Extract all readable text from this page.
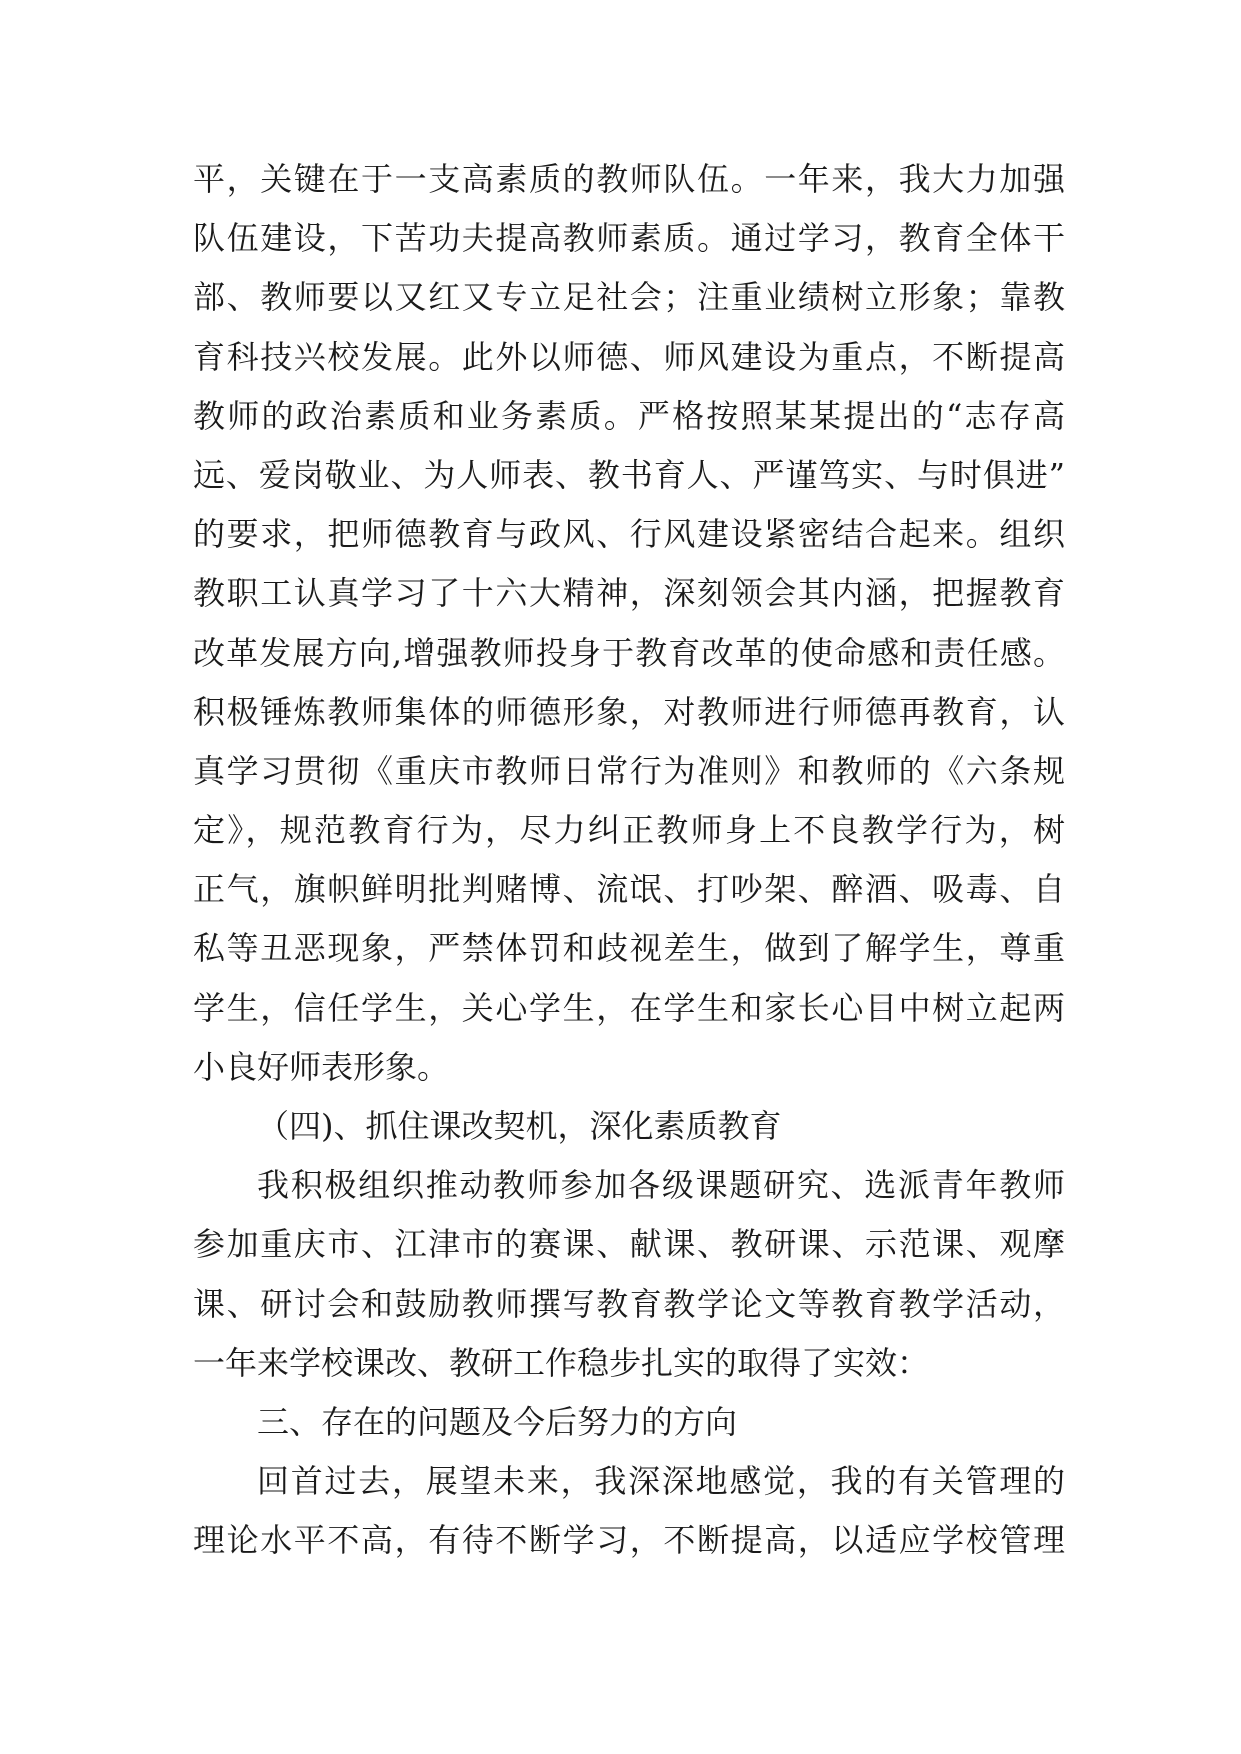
平，关键在于一支高素质的教师队伍。一年来，我大力加强
队伍建设，下苦功夫提高教师素质。通过学习，教育全体干
部、教师要以又红又专立足社会；注重业绩树立形象；靠教
育科技兴校发展。此外以师德、师风建设为重点，不断提高
教师的政治素质和业务素质。严格按照某某提出的“志存高
远、爱岗敬业、为人师表、教书育人、严谨笃实、与时俱进”
的要求，把师德教育与政风、行风建设紧密结合起来。组织
教职工认真学习了十六大精神，深刻领会其内涵，把握教育
改革发展方向,增强教师投身于教育改革的使命感和责任感。
积极锤炼教师集体的师德形象，对教师进行师德再教育，认
真学习贯彻《重庆市教师日常行为准则》和教师的《六条规
定》，规范教育行为，尽力纠正教师身上不良教学行为，树
正气，旗帜鲜明批判赌博、流氓、打吵架、醉酒、吸毒、自
私等丑恶现象，严禁体罚和歧视差生，做到了解学生，尊重
学生，信任学生，关心学生，在学生和家长心目中树立起两
小良好师表形象。
（四)、抓住课改契机，深化素质教育
我积极组织推动教师参加各级课题研究、选派青年教师
参加重庆市、江津市的赛课、献课、教研课、示范课、观摩
课、研讨会和鼓励教师撰写教育教学论文等教育教学活动，
一年来学校课改、教研工作稳步扎实的取得了实效：
三、存在的问题及今后努力的方向
回首过去，展望未来，我深深地感觉，我的有关管理的
理论水平不高，有待不断学习，不断提高，以适应学校管理
